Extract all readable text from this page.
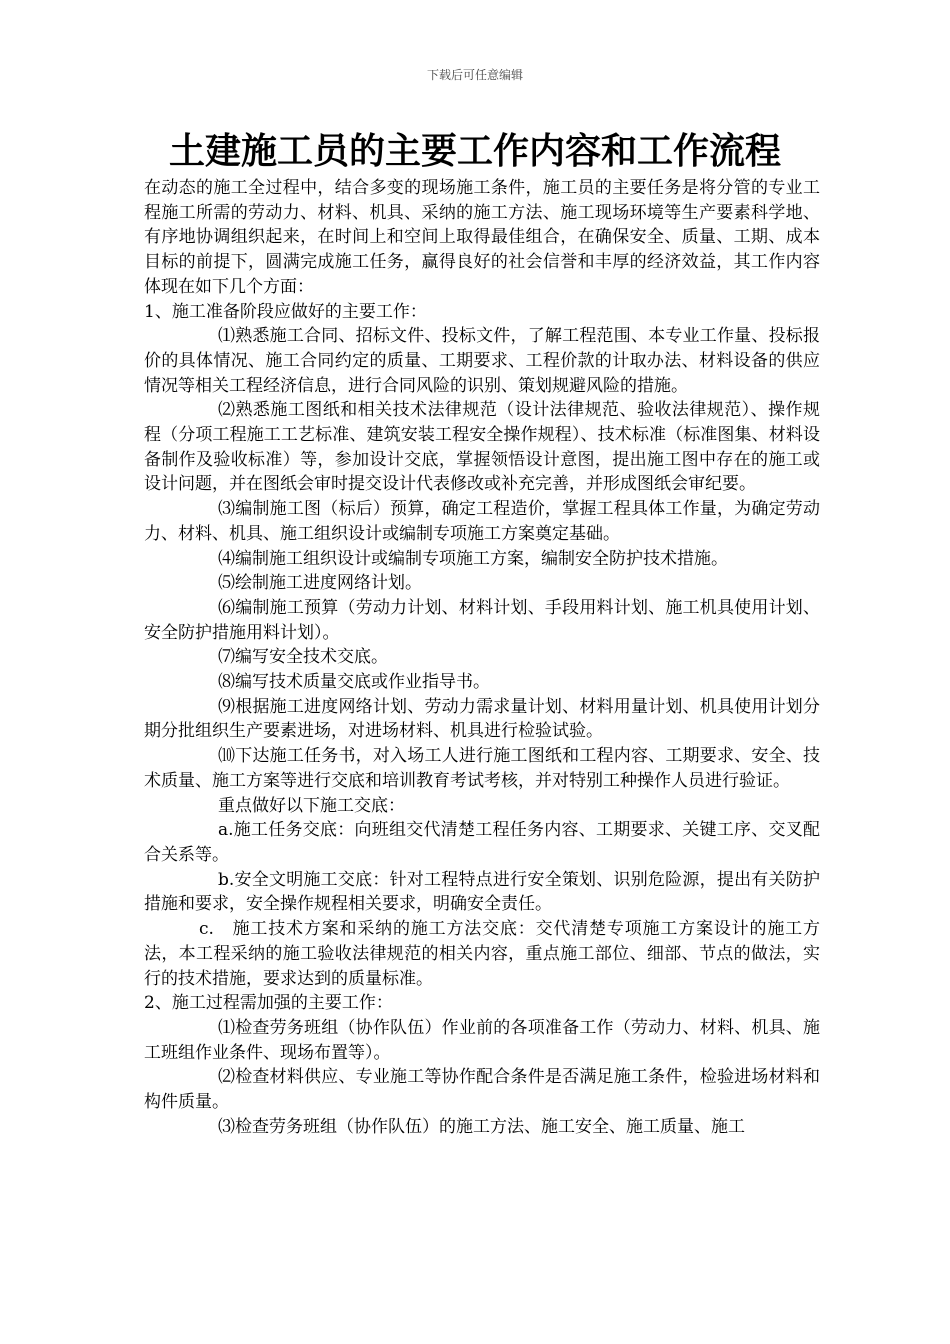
下载后可任意编辑
土建施工员的主要工作内容和工作流程

在动态的施工全过程中，结合多变的现场施工条件，施工员的主要任务是将分管的专业工程施工所需的劳动力、材料、机具、采纳的施工方法、施工现场环境等生产要素科学地、有序地协调组织起来，在时间上和空间上取得最佳组合，在确保安全、质量、工期、成本目标的前提下，圆满完成施工任务，赢得良好的社会信誉和丰厚的经济效益，其工作内容体现在如下几个方面：

1、施工准备阶段应做好的主要工作：

⑴熟悉施工合同、招标文件、投标文件，了解工程范围、本专业工作量、投标报价的具体情况、施工合同约定的质量、工期要求、工程价款的计取办法、材料设备的供应情况等相关工程经济信息，进行合同风险的识别、策划规避风险的措施。

⑵熟悉施工图纸和相关技术法律规范（设计法律规范、验收法律规范）、操作规程（分项工程施工工艺标准、建筑安装工程安全操作规程）、技术标准（标准图集、材料设备制作及验收标准）等，参加设计交底，掌握领悟设计意图，提出施工图中存在的施工或设计问题，并在图纸会审时提交设计代表修改或补充完善，并形成图纸会审纪要。

⑶编制施工图（标后）预算，确定工程造价，掌握工程具体工作量，为确定劳动力、材料、机具、施工组织设计或编制专项施工方案奠定基础。

⑷编制施工组织设计或编制专项施工方案，编制安全防护技术措施。

⑸绘制施工进度网络计划。

⑹编制施工预算（劳动力计划、材料计划、手段用料计划、施工机具使用计划、安全防护措施用料计划）。

⑺编写安全技术交底。

⑻编写技术质量交底或作业指导书。

⑼根据施工进度网络计划、劳动力需求量计划、材料用量计划、机具使用计划分期分批组织生产要素进场，对进场材料、机具进行检验试验。

⑽下达施工任务书，对入场工人进行施工图纸和工程内容、工期要求、安全、技术质量、施工方案等进行交底和培训教育考试考核，并对特别工种操作人员进行验证。

重点做好以下施工交底：

a.施工任务交底：向班组交代清楚工程任务内容、工期要求、关键工序、交叉配合关系等。

b.安全文明施工交底：针对工程特点进行安全策划、识别危险源，提出有关防护措施和要求，安全操作规程相关要求，明确安全责任。

c.　施工技术方案和采纳的施工方法交底：交代清楚专项施工方案设计的施工方法，本工程采纳的施工验收法律规范的相关内容，重点施工部位、细部、节点的做法，实行的技术措施，要求达到的质量标准。

2、施工过程需加强的主要工作：

⑴检查劳务班组（协作队伍）作业前的各项准备工作（劳动力、材料、机具、施工班组作业条件、现场布置等）。

⑵检查材料供应、专业施工等协作配合条件是否满足施工条件，检验进场材料和构件质量。

⑶检查劳务班组（协作队伍）的施工方法、施工安全、施工质量、施工
